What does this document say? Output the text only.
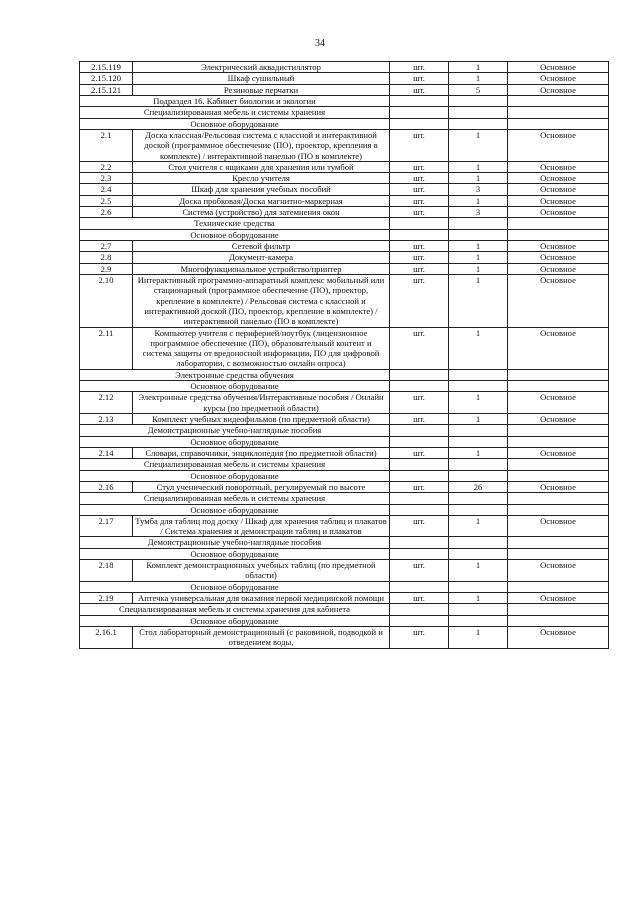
34
2.15.119	Электрический аквадистиллятор	шт.	1	Основное
2.15.120	Шкаф сушильный	шт.	1	Основное
2.15.121	Резиновые перчатки	шт.	5	Основное
Подраздел 16. Кабинет биологии и экологии				
Специализированная мебель и системы хранения				
Основное оборудование				
2.1	Доска классная/Рельсовая система с классной и интерактивной доской (программное обеспечение (ПО), проектор, крепления в комплекте) / интерактивной панелью (ПО в комплекте)	шт.	1	Основное
2.2	Стол учителя с ящиками для хранения или тумбой	шт.	1	Основное
2.3	Кресло учителя	шт.	1	Основное
2.4	Шкаф для хранения учебных пособий	шт.	3	Основное
2.5	Доска пробковая/Доска магнитно-маркерная	шт.	1	Основное
2.6	Система (устройство) для затемнения окон	шт.	3	Основное
Технические средства				
Основное оборудование				
2.7	Сетевой фильтр	шт.	1	Основное
2.8	Документ-камера	шт.	1	Основное
2.9	Многофункциональное устройство/принтер	шт.	1	Основное
2.10	Интерактивный программно-аппаратный комплекс мобильный или стационарный (программное обеспечение (ПО), проектор, крепление в комплекте) / Рельсовая система с классной и интерактивной доской (ПО, проектор, крепление в комплекте) / интерактивной панелью (ПО в комплекте)	шт.	1	Основное
2.11	Компьютер учителя с периферией/ноутбук (лицензионное программное обеспечение (ПО), образовательный контент и система защиты от вредоносной информации, ПО для цифровой лаборатории, с возможностью онлайн опроса)	шт.	1	Основное
Электронные средства обучения				
Основное оборудование				
2.12	Электронные средства обучения/Интерактивные пособия / Онлайн курсы (по предметной области)	шт.	1	Основное
2.13	Комплект учебных видеофильмов (по предметной области)	шт.	1	Основное
Демонстрационные учебно-наглядные пособия				
Основное оборудование				
2.14	Словари, справочники, энциклопедия (по предметной области)	шт.	1	Основное
Специализированная мебель и системы хранения				
Основное оборудование				
2.16	Стул ученический поворотный, регулируемый по высоте	шт.	26	Основное
Специализированная мебель и системы хранения				
Основное оборудование				
2.17	Тумба для таблиц под доску / Шкаф для хранения таблиц и плакатов / Система хранения и демонстрации таблиц и плакатов	шт.	1	Основное
Демонстрационные учебно-наглядные пособия				
Основное оборудование				
2.18	Комплект демонстрационных учебных таблиц (по предметной области)	шт.	1	Основное
Основное оборудование				
2.19	Аптечка универсальная для оказания первой медицинской помощи	шт.	1	Основное
Специализированная мебель и системы хранения для кабинета				
Основное оборудование				
2.16.1	Стол лабораторный демонстрационный (с раковиной, подводкой и отведением воды,	шт.	1	Основное
